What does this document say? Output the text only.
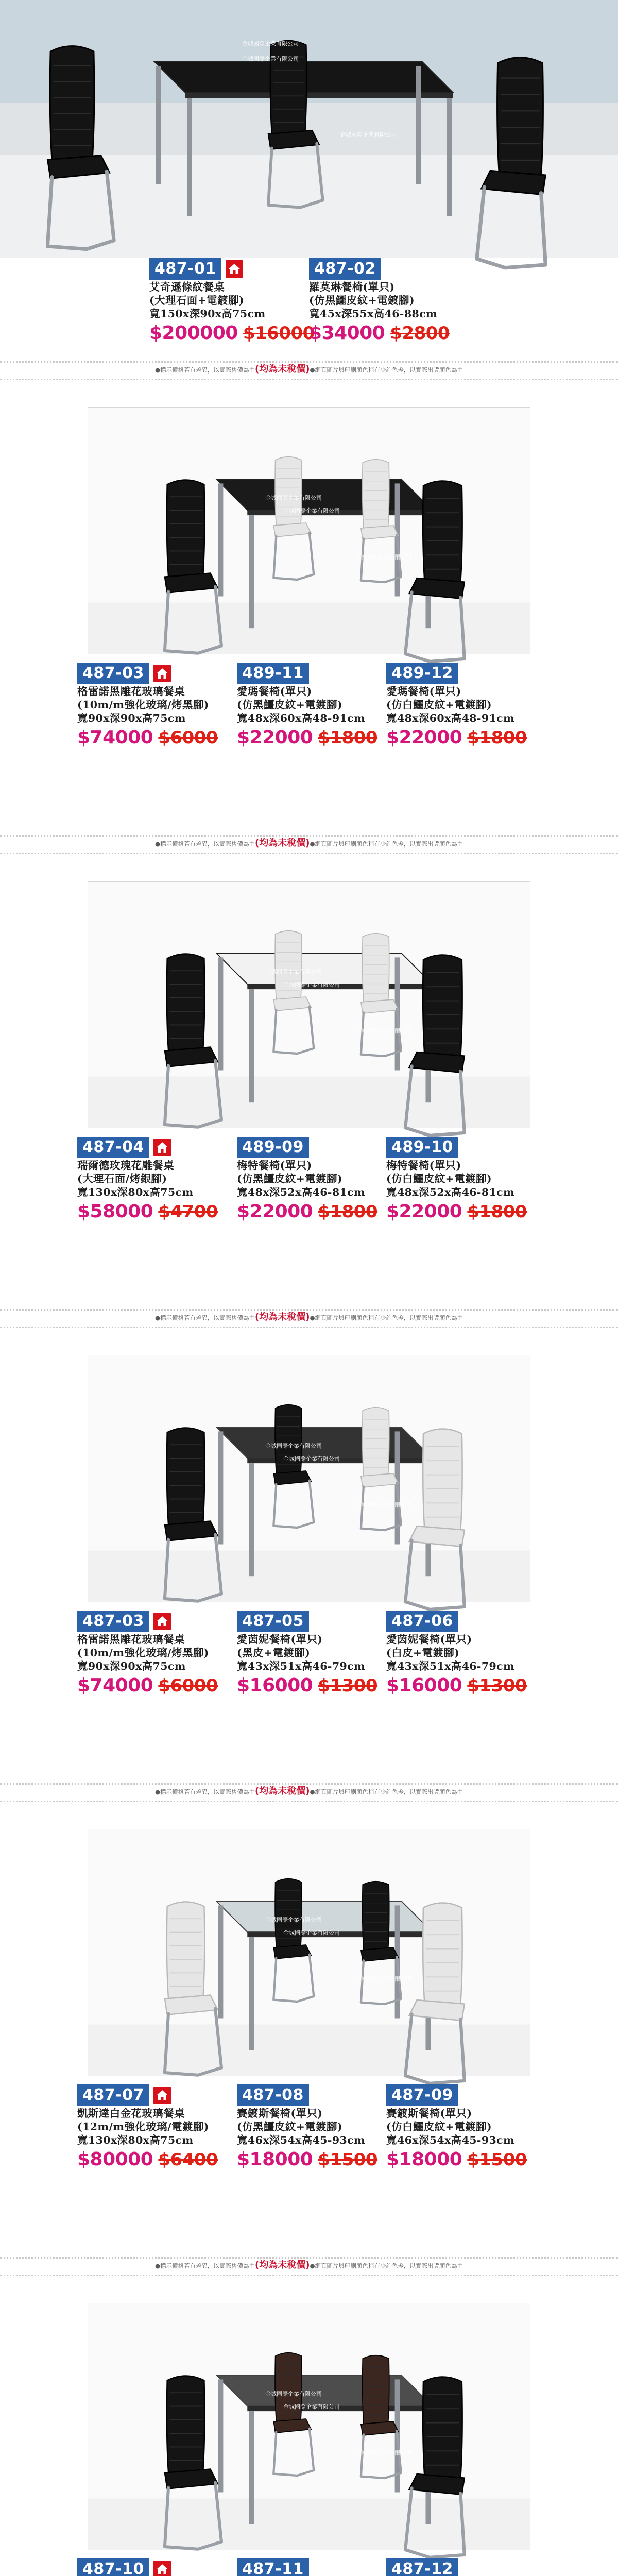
金城國際企業有限公司
金城國際企業有限公司
金城國際企業有限公司
487-01
艾奇遜條紋餐桌
(大理石面+電鍍腳)
寬150x深90x高75cm
$200000 $16000
487-02
羅莫琳餐椅(單只)
(仿黑鱷皮紋+電鍍腳)
寬45x深55x高46-88cm
$34000 $2800
●標示價格若有差異，以實際售價為主(均為未稅價)●網頁圖片與印刷顏色稍有少許色差，以實際出貨顏色為主
金城國際企業有限公司
金城國際企業有限公司
金城國際企業有限公司
487-03
格雷諾黑雕花玻璃餐桌
(10m/m強化玻璃/烤黑腳)
寬90x深90x高75cm
$74000 $6000
489-11
愛瑪餐椅(單只)
(仿黑鱷皮紋+電鍍腳)
寬48x深60x高48-91cm
$22000 $1800
489-12
愛瑪餐椅(單只)
(仿白鱷皮紋+電鍍腳)
寬48x深60x高48-91cm
$22000 $1800
●標示價格若有差異，以實際售價為主(均為未稅價)●網頁圖片與印刷顏色稍有少許色差，以實際出貨顏色為主
金城國際企業有限公司
金城國際企業有限公司
金城國際企業有限公司
487-04
瑞爾德玫瑰花雕餐桌
(大理石面/烤銀腳)
寬130x深80x高75cm
$58000 $4700
489-09
梅特餐椅(單只)
(仿黑鱷皮紋+電鍍腳)
寬48x深52x高46-81cm
$22000 $1800
489-10
梅特餐椅(單只)
(仿白鱷皮紋+電鍍腳)
寬48x深52x高46-81cm
$22000 $1800
●標示價格若有差異，以實際售價為主(均為未稅價)●網頁圖片與印刷顏色稍有少許色差，以實際出貨顏色為主
金城國際企業有限公司
金城國際企業有限公司
金城國際企業有限公司
487-03
格雷諾黑雕花玻璃餐桌
(10m/m強化玻璃/烤黑腳)
寬90x深90x高75cm
$74000 $6000
487-05
愛茵妮餐椅(單只)
(黑皮+電鍍腳)
寬43x深51x高46-79cm
$16000 $1300
487-06
愛茵妮餐椅(單只)
(白皮+電鍍腳)
寬43x深51x高46-79cm
$16000 $1300
●標示價格若有差異，以實際售價為主(均為未稅價)●網頁圖片與印刷顏色稍有少許色差，以實際出貨顏色為主
金城國際企業有限公司
金城國際企業有限公司
金城國際企業有限公司
487-07
凱斯達白金花玻璃餐桌
(12m/m強化玻璃/電鍍腳)
寬130x深80x高75cm
$80000 $6400
487-08
賽鍍斯餐椅(單只)
(仿黑鱷皮紋+電鍍腳)
寬46x深54x高45-93cm
$18000 $1500
487-09
賽鍍斯餐椅(單只)
(仿白鱷皮紋+電鍍腳)
寬46x深54x高45-93cm
$18000 $1500
●標示價格若有差異，以實際售價為主(均為未稅價)●網頁圖片與印刷顏色稍有少許色差，以實際出貨顏色為主
金城國際企業有限公司
金城國際企業有限公司
金城國際企業有限公司
487-10	487-11	487-12
